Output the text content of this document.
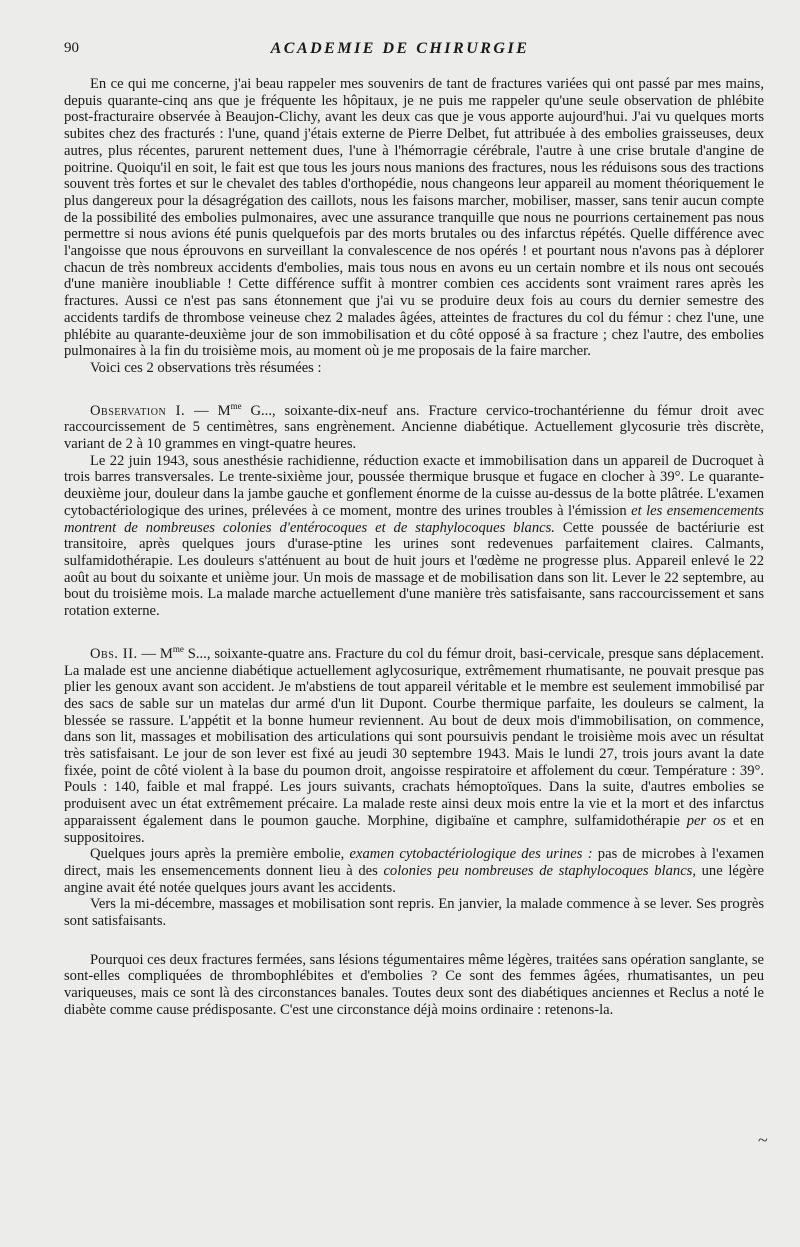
90	ACADEMIE DE CHIRURGIE

En ce qui me concerne, j'ai beau rappeler mes souvenirs de tant de fractures variées qui ont passé par mes mains, depuis quarante-cinq ans que je fréquente les hôpitaux, je ne puis me rappeler qu'une seule observation de phlébite post-fracturaire observée à Beaujon-Clichy, avant les deux cas que je vous apporte aujourd'hui. J'ai vu quelques morts subites chez des fracturés : l'une, quand j'étais externe de Pierre Delbet, fut attribuée à des embolies graisseuses, deux autres, plus récentes, parurent nettement dues, l'une à l'hémorragie cérébrale, l'autre à une crise brutale d'angine de poitrine. Quoiqu'il en soit, le fait est que tous les jours nous manions des fractures, nous les réduisons sous des tractions souvent très fortes et sur le chevalet des tables d'orthopédie, nous changeons leur appareil au moment théoriquement le plus dangereux pour la désagrégation des caillots, nous les faisons marcher, mobiliser, masser, sans tenir aucun compte de la possibilité des embolies pulmonaires, avec une assurance tranquille que nous ne pourrions certainement pas nous permettre si nous avions été punis quelquefois par des morts brutales ou des infarctus répétés. Quelle différence avec l'angoisse que nous éprouvons en surveillant la convalescence de nos opérés ! et pourtant nous n'avons pas à déplorer chacun de très nombreux accidents d'embolies, mais tous nous en avons eu un certain nombre et ils nous ont secoués d'une manière inoubliable ! Cette différence suffit à montrer combien ces accidents sont vraiment rares après les fractures. Aussi ce n'est pas sans étonnement que j'ai vu se produire deux fois au cours du dernier semestre des accidents tardifs de thrombose veineuse chez 2 malades âgées, atteintes de fractures du col du fémur : chez l'une, une phlébite au quarante-deuxième jour de son immobilisation et du côté opposé à sa fracture ; chez l'autre, des embolies pulmonaires à la fin du troisième mois, au moment où je me proposais de la faire marcher.

Voici ces 2 observations très résumées :

Observation I. — $M^{me}$ G..., soixante-dix-neuf ans. Fracture cervico-trochantérienne du fémur droit avec raccourcissement de 5 centimètres, sans engrènement. Ancienne diabétique. Actuellement glycosurie très discrète, variant de 2 à 10 grammes en vingt-quatre heures.

Le 22 juin 1943, sous anesthésie rachidienne, réduction exacte et immobilisation dans un appareil de Ducroquet à trois barres transversales. Le trente-sixième jour, poussée thermique brusque et fugace en clocher à 39°. Le quarante-deuxième jour, douleur dans la jambe gauche et gonflement énorme de la cuisse au-dessus de la botte plâtrée. L'examen cytobactériologique des urines, prélevées à ce moment, montre des urines troubles à l'émission et les ensemencements montrent de nombreuses colonies d'entérocoques et de staphylocoques blancs. Cette poussée de bactériurie est transitoire, après quelques jours d'urase-ptine les urines sont redevenues parfaitement claires. Calmants, sulfamidothérapie. Les douleurs s'atténuent au bout de huit jours et l'œdème ne progresse plus. Appareil enlevé le 22 août au bout du soixante et unième jour. Un mois de massage et de mobilisation dans son lit. Lever le 22 septembre, au bout du troisième mois. La malade marche actuellement d'une manière très satisfaisante, sans raccourcissement et sans rotation externe.

Obs. II. — $M^{me}$ S..., soixante-quatre ans. Fracture du col du fémur droit, basi-cervicale, presque sans déplacement. La malade est une ancienne diabétique actuellement aglycosurique, extrêmement rhumatisante, ne pouvait presque pas plier les genoux avant son accident. Je m'abstiens de tout appareil véritable et le membre est seulement immobilisé par des sacs de sable sur un matelas dur armé d'un lit Dupont. Courbe thermique parfaite, les douleurs se calment, la blessée se rassure. L'appétit et la bonne humeur reviennent. Au bout de deux mois d'immobilisation, on commence, dans son lit, massages et mobilisation des articulations qui sont poursuivis pendant le troisième mois avec un résultat très satisfaisant. Le jour de son lever est fixé au jeudi 30 septembre 1943. Mais le lundi 27, trois jours avant la date fixée, point de côté violent à la base du poumon droit, angoisse respiratoire et affolement du cœur. Température : 39°. Pouls : 140, faible et mal frappé. Les jours suivants, crachats hémoptoïques. Dans la suite, d'autres embolies se produisent avec un état extrêmement précaire. La malade reste ainsi deux mois entre la vie et la mort et des infarctus apparaissent également dans le poumon gauche. Morphine, digibaïne et camphre, sulfamidothérapie per os et en suppositoires.

Quelques jours après la première embolie, examen cytobactériologique des urines : pas de microbes à l'examen direct, mais les ensemencements donnent lieu à des colonies peu nombreuses de staphylocoques blancs, une légère angine avait été notée quelques jours avant les accidents.

Vers la mi-décembre, massages et mobilisation sont repris. En janvier, la malade commence à se lever. Ses progrès sont satisfaisants.

Pourquoi ces deux fractures fermées, sans lésions tégumentaires même légères, traitées sans opération sanglante, se sont-elles compliquées de thrombophlébites et d'embolies ? Ce sont des femmes âgées, rhumatisantes, un peu variqueuses, mais ce sont là des circonstances banales. Toutes deux sont des diabétiques anciennes et Reclus a noté le diabète comme cause prédisposante. C'est une circonstance déjà moins ordinaire : retenons-la.

~
